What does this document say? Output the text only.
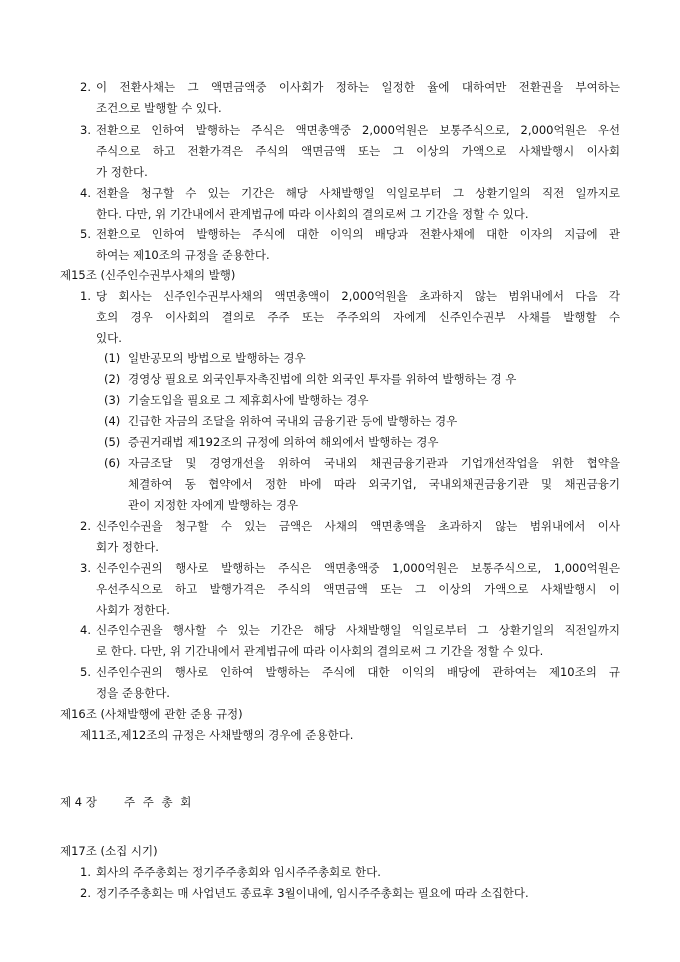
2. 이 전환사채는 그 액면금액중 이사회가 정하는 일정한 율에 대하여만 전환권을 부여하는
조건으로 발행할 수 있다.
3. 전환으로 인하여 발행하는 주식은 액면총액중 2,000억원은 보통주식으로, 2,000억원은 우선
주식으로 하고 전환가격은 주식의 액면금액 또는 그 이상의 가액으로 사채발행시 이사회
가 정한다.
4. 전환을 청구할 수 있는 기간은 해당 사채발행일 익일로부터 그 상환기일의 직전 일까지로
한다. 다만, 위 기간내에서 관계법규에 따라 이사회의 결의로써 그 기간을 정할 수 있다.
5. 전환으로 인하여 발행하는 주식에 대한 이익의 배당과 전환사채에 대한 이자의 지급에 관
하여는 제10조의 규정을 준용한다.
제15조 (신주인수권부사채의 발행)
1. 당 회사는 신주인수권부사채의 액면총액이 2,000억원을 초과하지 않는 범위내에서 다음 각
호의 경우 이사회의 결의로 주주 또는 주주외의 자에게 신주인수권부 사채를 발행할 수
있다.
(1) 일반공모의 방법으로 발행하는 경우
(2) 경영상 필요로 외국인투자촉진법에 의한 외국인 투자를 위하여 발행하는 경 우
(3) 기술도입을 필요로 그 제휴회사에 발행하는 경우
(4) 긴급한 자금의 조달을 위하여 국내외 금융기관 등에 발행하는 경우
(5) 증권거래법 제192조의 규정에 의하여 해외에서 발행하는 경우
(6) 자금조달 및 경영개선을 위하여 국내외 채권금융기관과 기업개선작업을 위한 협약을
체결하여 동 협약에서 정한 바에 따라 외국기업, 국내외채권금융기관 및 채권금융기
관이 지정한 자에게 발행하는 경우
2. 신주인수권을 청구할 수 있는 금액은 사채의 액면총액을 초과하지 않는 범위내에서 이사
회가 정한다.
3. 신주인수권의 행사로 발행하는 주식은 액면총액중 1,000억원은 보통주식으로, 1,000억원은
우선주식으로 하고 발행가격은 주식의 액면금액 또는 그 이상의 가액으로 사채발행시 이
사회가 정한다.
4. 신주인수권을 행사할 수 있는 기간은 해당 사채발행일 익일로부터 그 상환기일의 직전일까지
로 한다. 다만, 위 기간내에서 관계법규에 따라 이사회의 결의로써 그 기간을 정할 수 있다.
5. 신주인수권의 행사로 인하여 발행하는 주식에 대한 이익의 배당에 관하여는 제10조의 규
정을 준용한다.
제16조 (사채발행에 관한 준용 규정)
제11조,제12조의 규정은 사채발행의 경우에 준용한다.
제 4 장 주 주 총 회
제17조 (소집 시기)
1. 회사의 주주총회는 정기주주총회와 임시주주총회로 한다.
2. 정기주주총회는 매 사업년도 종료후 3월이내에, 임시주주총회는 필요에 따라 소집한다.
